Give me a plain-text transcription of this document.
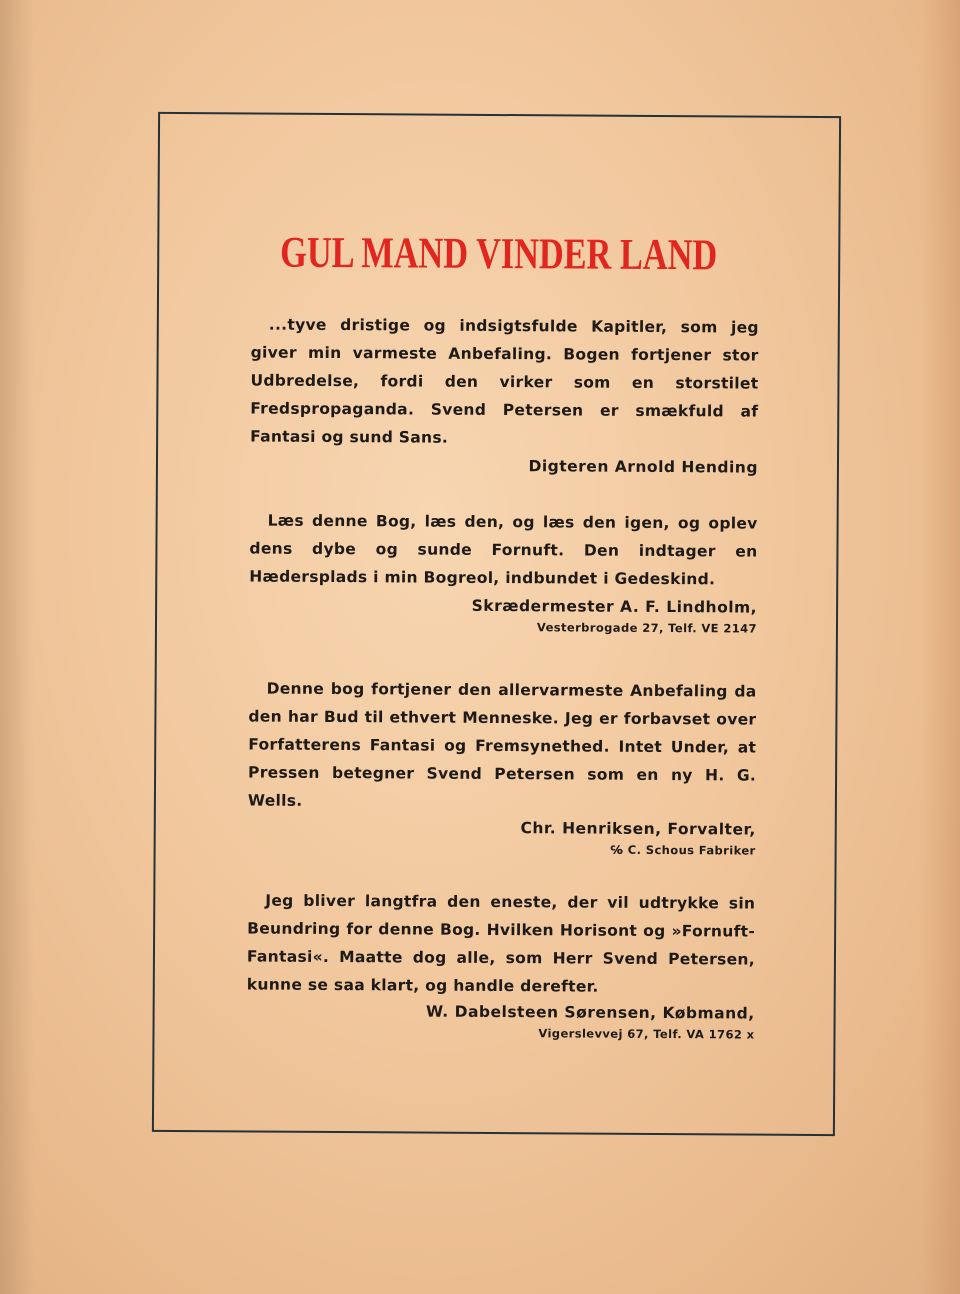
GUL MAND VINDER LAND

...tyve dristige og indsigtsfulde Kapitler, som jeg giver min varmeste Anbefaling. Bogen fortjener stor Udbredelse, fordi den virker som en storstilet Fredspropaganda. Svend Petersen er smækfuld af Fantasi og sund Sans.

Digteren Arnold Hending

Læs denne Bog, læs den, og læs den igen, og oplev dens dybe og sunde Fornuft. Den indtager en Hædersplads i min Bogreol, indbundet i Gedeskind.

Skrædermester A. F. Lindholm,
Vesterbrogade 27, Telf. VE 2147

Denne bog fortjener den allervarmeste Anbefaling da den har Bud til ethvert Menneske. Jeg er forbavset over Forfatterens Fantasi og Fremsynethed. Intet Under, at Pressen betegner Svend Petersen som en ny H. G. Wells.

Chr. Henriksen, Forvalter,
℅ C. Schous Fabriker

Jeg bliver langtfra den eneste, der vil udtrykke sin Beundring for denne Bog. Hvilken Horisont og »Fornuft-Fantasi«. Maatte dog alle, som Herr Svend Petersen, kunne se saa klart, og handle derefter.

W. Dabelsteen Sørensen, Købmand,
Vigerslevvej 67, Telf. VA 1762 x
